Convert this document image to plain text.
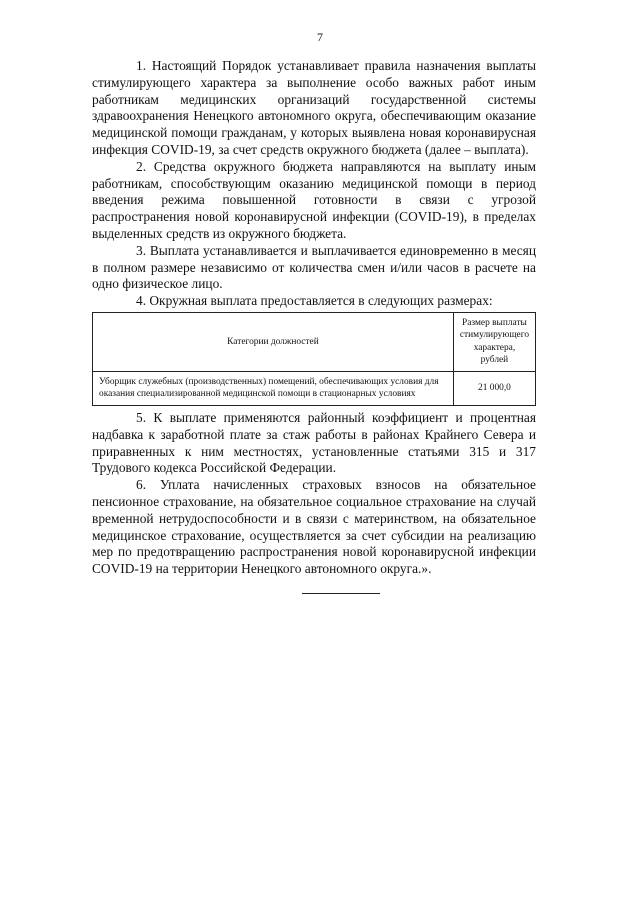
7

1. Настоящий Порядок устанавливает правила назначения выплаты стимулирующего характера за выполнение особо важных работ иным работникам медицинских организаций государственной системы здравоохранения Ненецкого автономного округа, обеспечивающим оказание медицинской помощи гражданам, у которых выявлена новая коронавирусная инфекция COVID-19, за счет средств окружного бюджета (далее – выплата).

2. Средства окружного бюджета направляются на выплату иным работникам, способствующим оказанию медицинской помощи в период введения режима повышенной готовности в связи с угрозой распространения новой коронавирусной инфекции (COVID-19), в пределах выделенных средств из окружного бюджета.

3. Выплата устанавливается и выплачивается единовременно в месяц в полном размере независимо от количества смен и/или часов в расчете на одно физическое лицо.

4. Окружная выплата предоставляется в следующих размерах:

Категории должностей	Размер выплаты стимулирующего характера, рублей
Уборщик служебных (производственных) помещений, обеспечивающих условия для оказания специализированной медицинской помощи в стационарных условиях	21 000,0

5. К выплате применяются районный коэффициент и процентная надбавка к заработной плате за стаж работы в районах Крайнего Севера и приравненных к ним местностях, установленные статьями 315 и 317 Трудового кодекса Российской Федерации.

6. Уплата начисленных страховых взносов на обязательное пенсионное страхование, на обязательное социальное страхование на случай временной нетрудоспособности и в связи с материнством, на обязательное медицинское страхование, осуществляется за счет субсидии на реализацию мер по предотвращению распространения новой коронавирусной инфекции COVID-19 на территории Ненецкого автономного округа.».
